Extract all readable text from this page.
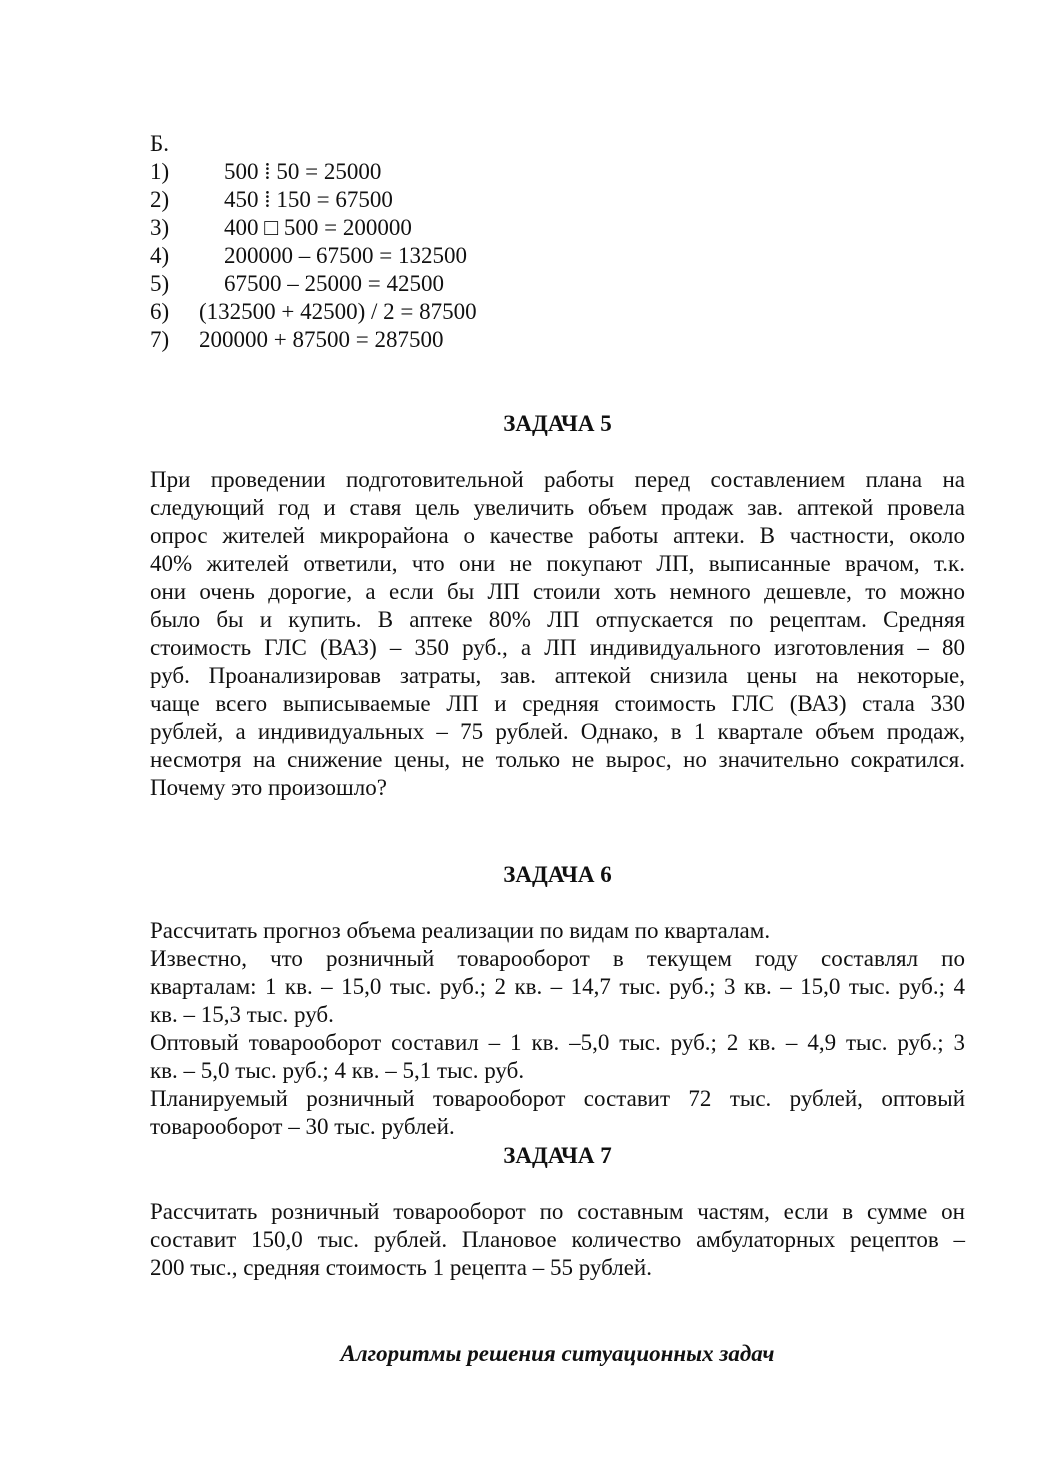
Б.
1) 500 ⁞ 50 = 25000
2) 450 ⁞ 150 = 67500
3) 400 □ 500 = 200000
4) 200000 – 67500 = 132500
5) 67500 – 25000 = 42500
6) (132500 + 42500) / 2 = 87500
7) 200000 + 87500 = 287500
ЗАДАЧА 5
При проведении подготовительной работы перед составлением плана на
следующий год и ставя цель увеличить объем продаж зав. аптекой провела
опрос жителей микрорайона о качестве работы аптеки. В частности, около
40% жителей ответили, что они не покупают ЛП, выписанные врачом, т.к.
они очень дорогие, а если бы ЛП стоили хоть немного дешевле, то можно
было бы и купить. В аптеке 80% ЛП отпускается по рецептам. Средняя
стоимость ГЛС (ВАЗ) – 350 руб., а ЛП индивидуального изготовления – 80
руб. Проанализировав затраты, зав. аптекой снизила цены на некоторые,
чаще всего выписываемые ЛП и средняя стоимость ГЛС (ВАЗ) стала 330
рублей, а индивидуальных – 75 рублей. Однако, в 1 квартале объем продаж,
несмотря на снижение цены, не только не вырос, но значительно сократился.
Почему это произошло?
ЗАДАЧА 6
Рассчитать прогноз объема реализации по видам по кварталам.
Известно, что розничный товарооборот в текущем году составлял по
кварталам: 1 кв. – 15,0 тыс. руб.; 2 кв. – 14,7 тыс. руб.; 3 кв. – 15,0 тыс. руб.; 4
кв. – 15,3 тыс. руб.
Оптовый товарооборот составил – 1 кв. –5,0 тыс. руб.; 2 кв. – 4,9 тыс. руб.; 3
кв. – 5,0 тыс. руб.; 4 кв. – 5,1 тыс. руб.
Планируемый розничный товарооборот составит 72 тыс. рублей, оптовый
товарооборот – 30 тыс. рублей.
ЗАДАЧА 7
Рассчитать розничный товарооборот по составным частям, если в сумме он
составит 150,0 тыс. рублей. Плановое количество амбулаторных рецептов –
200 тыс., средняя стоимость 1 рецепта – 55 рублей.
Алгоритмы решения ситуационных задач
